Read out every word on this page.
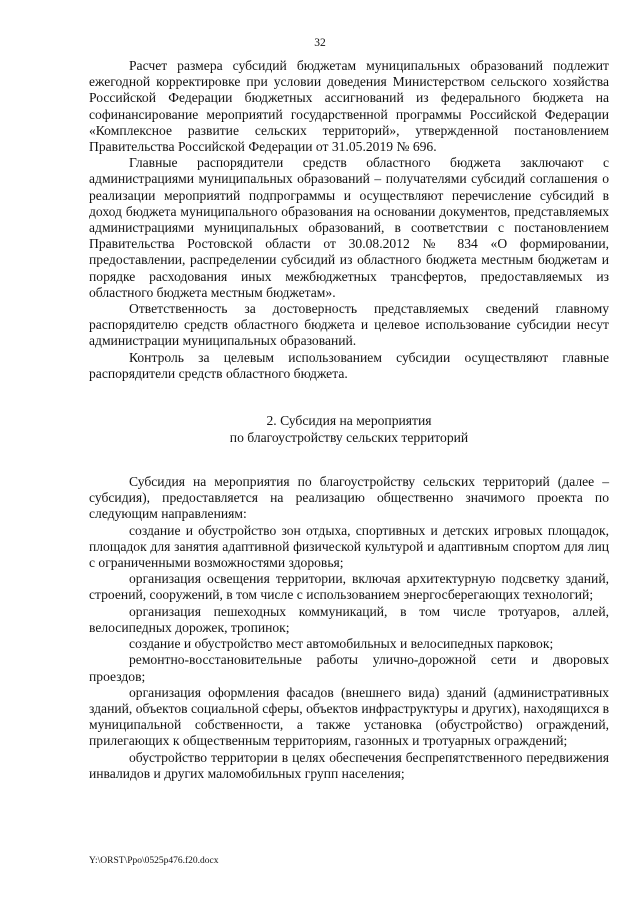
32

Расчет размера субсидий бюджетам муниципальных образований подлежит ежегодной корректировке при условии доведения Министерством сельского хозяйства Российской Федерации бюджетных ассигнований из федерального бюджета на софинансирование мероприятий государственной программы Российской Федерации «Комплексное развитие сельских территорий», утвержденной постановлением Правительства Российской Федерации от 31.05.2019 № 696.

Главные распорядители средств областного бюджета заключают с администрациями муниципальных образований – получателями субсидий соглашения о реализации мероприятий подпрограммы и осуществляют перечисление субсидий в доход бюджета муниципального образования на основании документов, представляемых администрациями муниципальных образований, в соответствии с постановлением Правительства Ростовской области от 30.08.2012 № 834 «О формировании, предоставлении, распределении субсидий из областного бюджета местным бюджетам и порядке расходования иных межбюджетных трансфертов, предоставляемых из областного бюджета местным бюджетам».

Ответственность за достоверность представляемых сведений главному распорядителю средств областного бюджета и целевое использование субсидии несут администрации муниципальных образований.

Контроль за целевым использованием субсидии осуществляют главные распорядители средств областного бюджета.

2. Субсидия на мероприятия
по благоустройству сельских территорий

Субсидия на мероприятия по благоустройству сельских территорий (далее – субсидия), предоставляется на реализацию общественно значимого проекта по следующим направлениям:

создание и обустройство зон отдыха, спортивных и детских игровых площадок, площадок для занятия адаптивной физической культурой и адаптивным спортом для лиц с ограниченными возможностями здоровья;

организация освещения территории, включая архитектурную подсветку зданий, строений, сооружений, в том числе с использованием энергосберегающих технологий;

организация пешеходных коммуникаций, в том числе тротуаров, аллей, велосипедных дорожек, тропинок;

создание и обустройство мест автомобильных и велосипедных парковок;

ремонтно-восстановительные работы улично-дорожной сети и дворовых проездов;

организация оформления фасадов (внешнего вида) зданий (административных зданий, объектов социальной сферы, объектов инфраструктуры и других), находящихся в муниципальной собственности, а также установка (обустройство) ограждений, прилегающих к общественным территориям, газонных и тротуарных ограждений;

обустройство территории в целях обеспечения беспрепятственного передвижения инвалидов и других маломобильных групп населения;

Y:\ORST\Ppo\0525p476.f20.docx
